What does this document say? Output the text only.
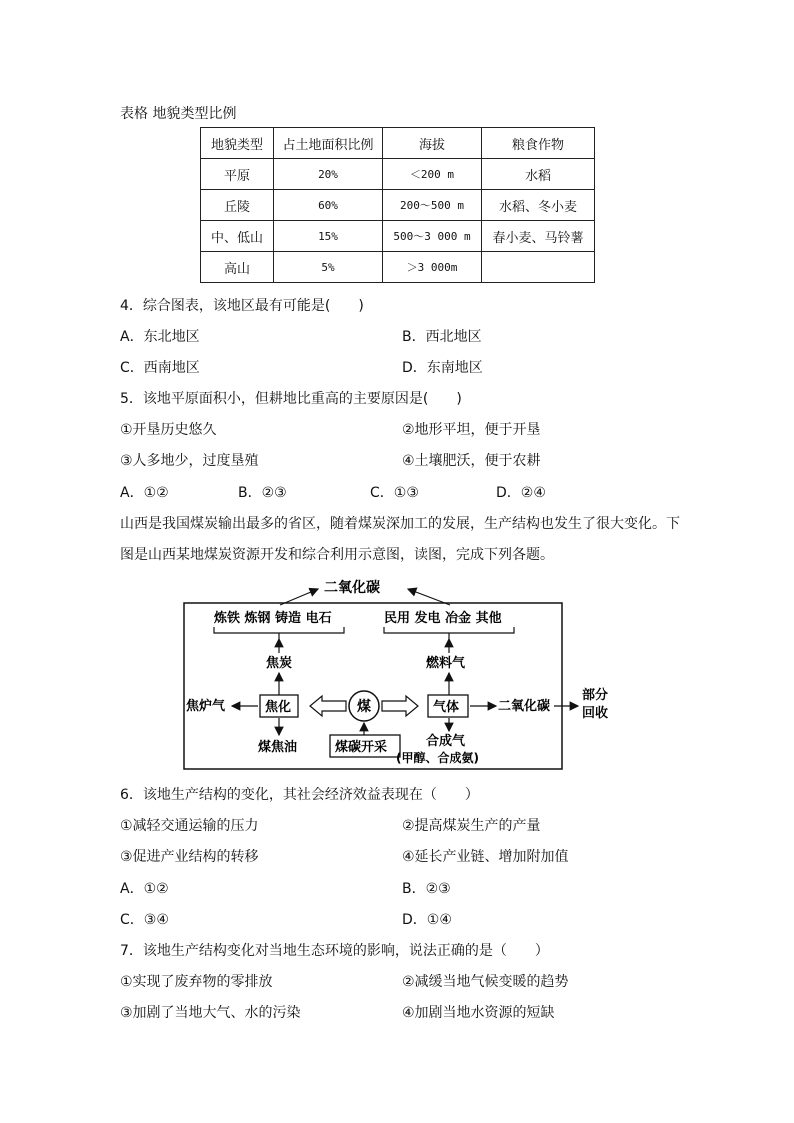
表格 地貌类型比例
地貌类型	占土地面积比例	海拔	粮食作物
平原	20%	＜200 m	水稻
丘陵	60%	200～500 m	水稻、冬小麦
中、低山	15%	500～3 000 m	春小麦、马铃薯
高山	5%	＞3 000m	
4．综合图表，该地区最有可能是(　　)
A．东北地区	B．西北地区
C．西南地区	D．东南地区
5．该地平原面积小，但耕地比重高的主要原因是(　　)
①开垦历史悠久	②地形平坦，便于开垦
③人多地少，过度垦殖	④土壤肥沃，便于农耕
A．①②	B．②③	C．①③	D．②④
山西是我国煤炭输出最多的省区，随着煤炭深加工的发展，生产结构也发生了很大变化。下
图是山西某地煤炭资源开发和综合利用示意图，读图，完成下列各题。
二氧化碳
炼铁 炼钢 铸造 电石	民用 发电 冶金 其他
焦炭	燃料气
焦炉气	焦化	煤	气体	二氧化碳
部分
回收
煤焦油	煤碳开采	合成气
(甲醇、合成氨)
6．该地生产结构的变化，其社会经济效益表现在（　　）
①减轻交通运输的压力	②提高煤炭生产的产量
③促进产业结构的转移	④延长产业链、增加附加值
A．①②	B．②③
C．③④	D．①④
7．该地生产结构变化对当地生态环境的影响，说法正确的是（　　）
①实现了废弃物的零排放	②减缓当地气候变暖的趋势
③加剧了当地大气、水的污染	④加剧当地水资源的短缺
